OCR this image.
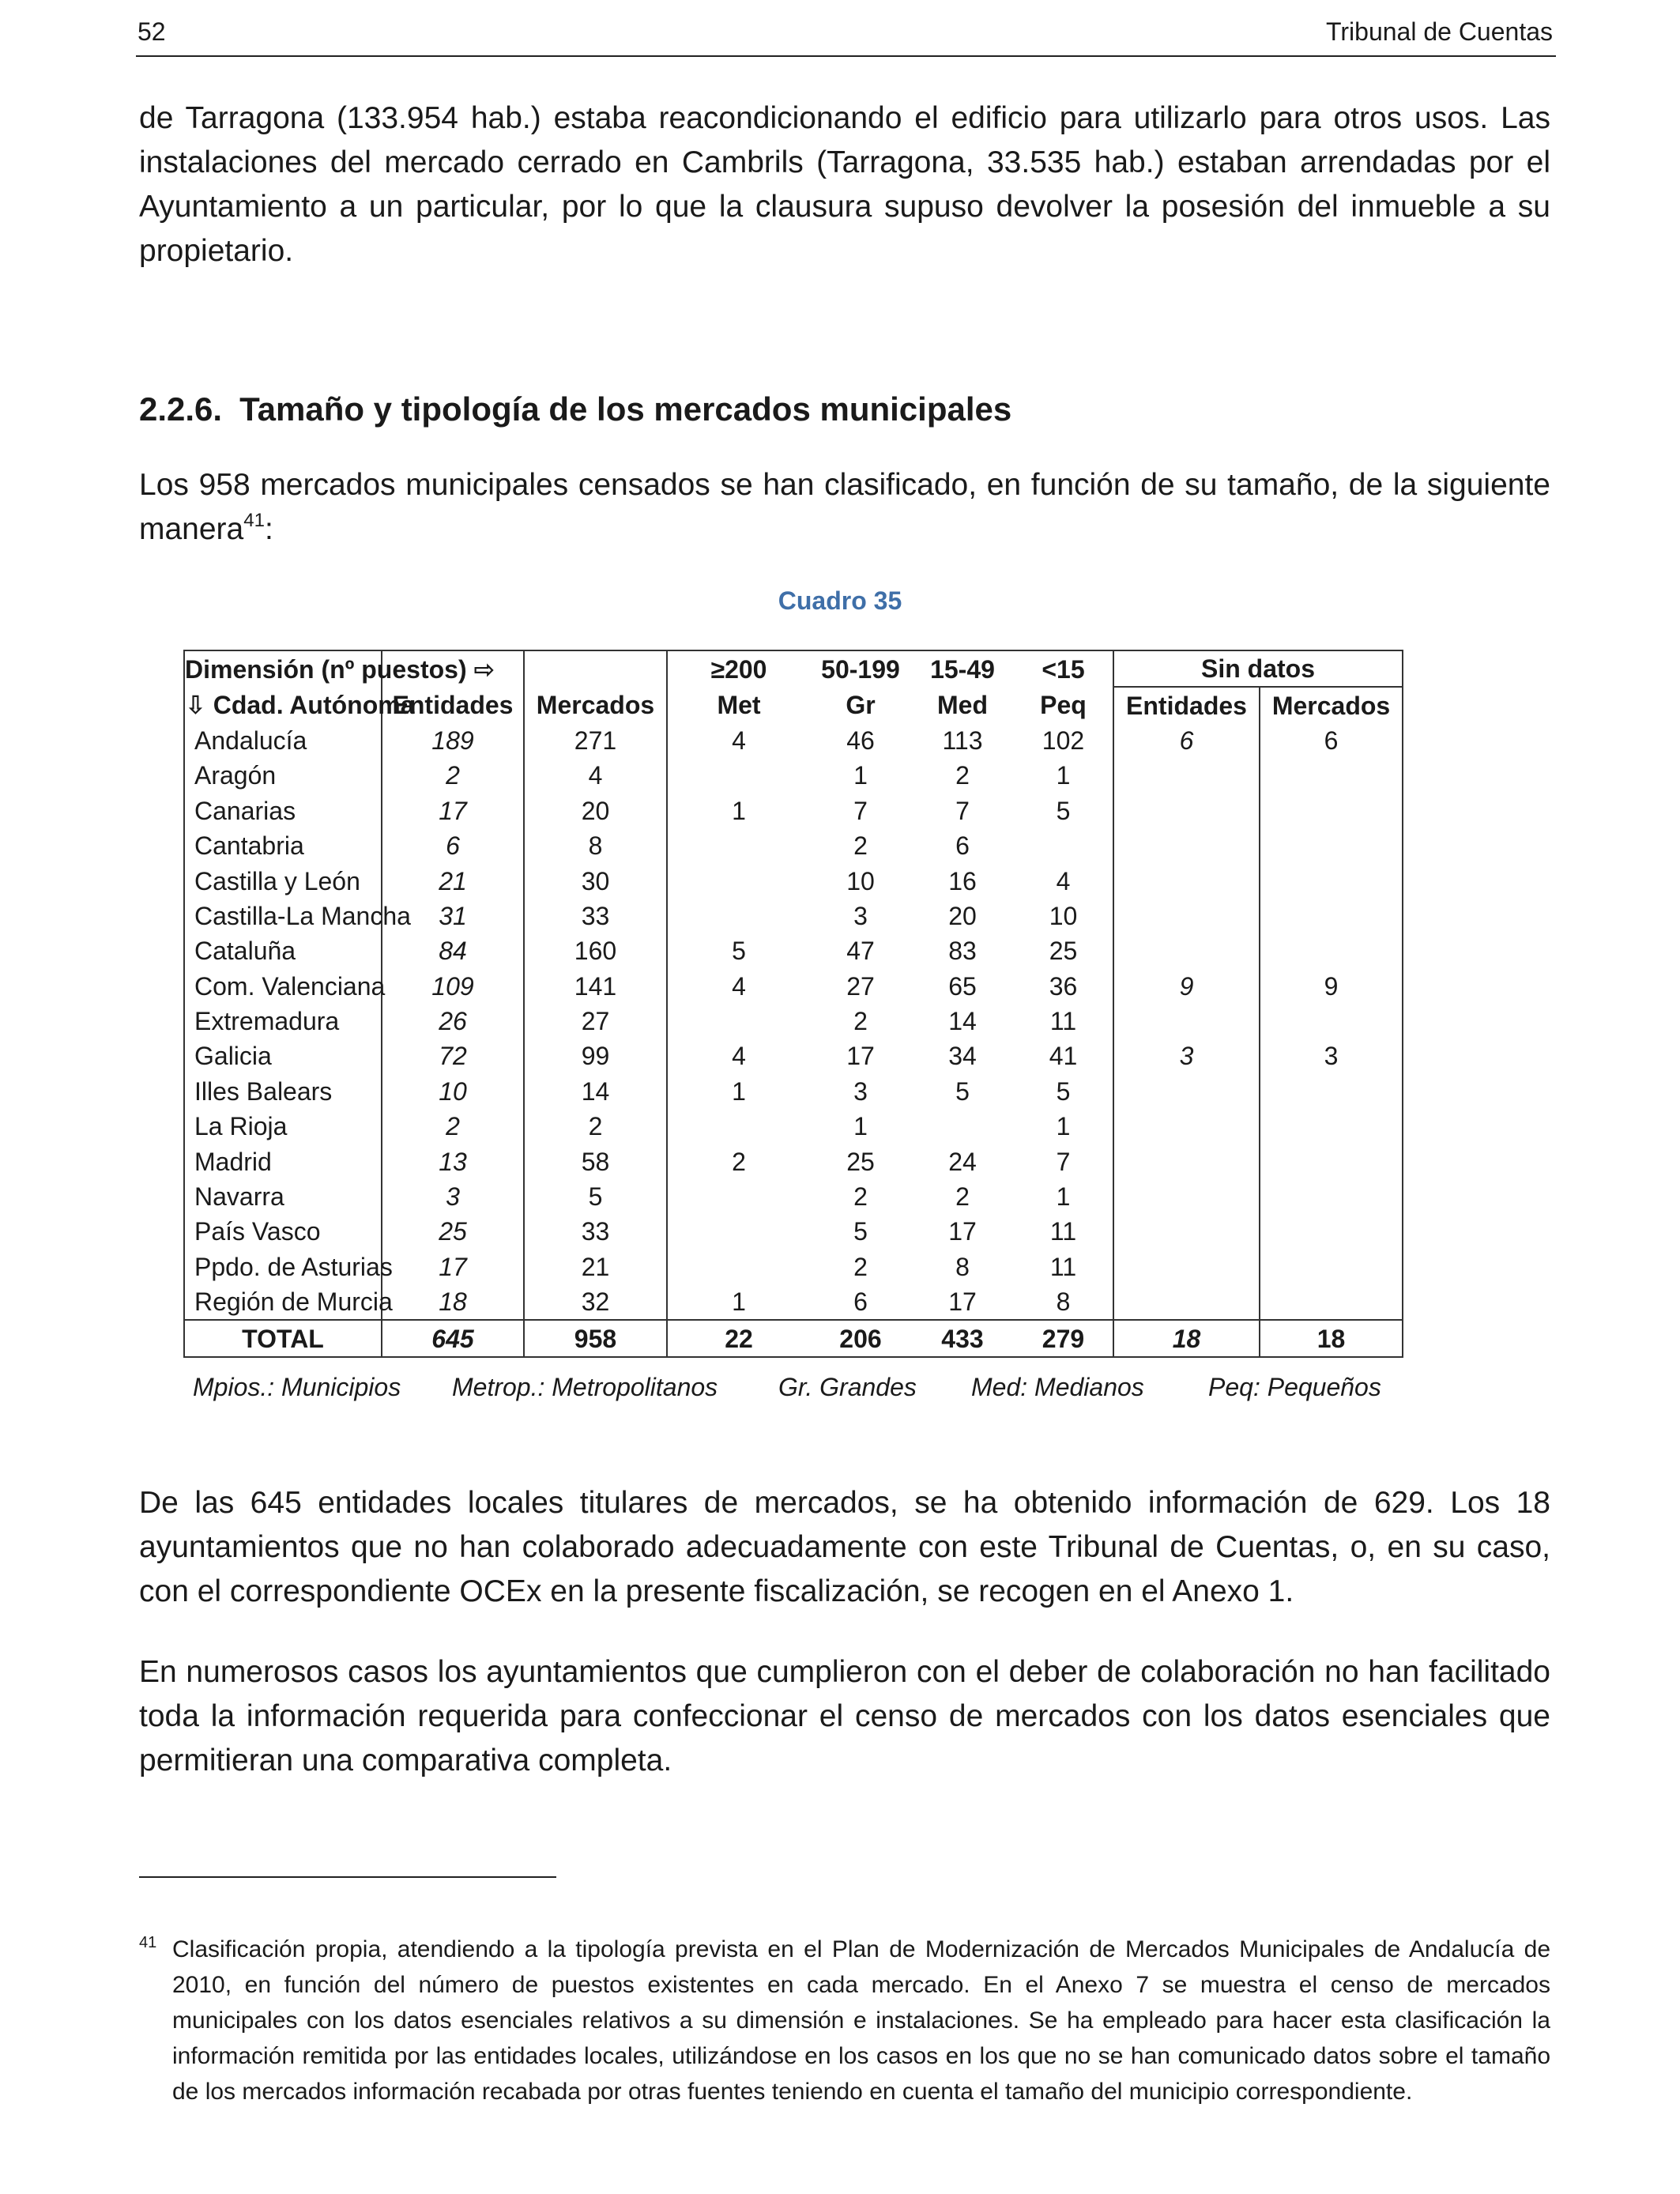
52	Tribunal de Cuentas

de Tarragona (133.954 hab.) estaba reacondicionando el edificio para utilizarlo para otros usos. Las instalaciones del mercado cerrado en Cambrils (Tarragona, 33.535 hab.) estaban arrendadas por el Ayuntamiento a un particular, por lo que la clausura supuso devolver la posesión del inmueble a su propietario.

2.2.6. Tamaño y tipología de los mercados municipales

Los 958 mercados municipales censados se han clasificado, en función de su tamaño, de la siguiente manera$^{41}$:

Cuadro 35
Dimensión (nº puestos) ⇨			≥200	50-199	15-49	<15	Sin datos	
⇩ Cdad. Autónoma	Entidades	Mercados	Met	Gr	Med	Peq	Entidades	Mercados
Andalucía	189	271	4	46	113	102	6	6
Aragón	2	4		1	2	1		
Canarias	17	20	1	7	7	5		
Cantabria	6	8		2	6			
Castilla y León	21	30		10	16	4		
Castilla-La Mancha	31	33		3	20	10		
Cataluña	84	160	5	47	83	25		
Com. Valenciana	109	141	4	27	65	36	9	9
Extremadura	26	27		2	14	11		
Galicia	72	99	4	17	34	41	3	3
Illes Balears	10	14	1	3	5	5		
La Rioja	2	2		1		1		
Madrid	13	58	2	25	24	7		
Navarra	3	5		2	2	1		
País Vasco	25	33		5	17	11		
Ppdo. de Asturias	17	21		2	8	11		
Región de Murcia	18	32	1	6	17	8		
TOTAL	645	958	22	206	433	279	18	18
Mpios.: Municipios Metrop.: Metropolitanos Gr. Grandes Med: Medianos	Peq: Pequeños

De las 645 entidades locales titulares de mercados, se ha obtenido información de 629. Los 18 ayuntamientos que no han colaborado adecuadamente con este Tribunal de Cuentas, o, en su caso, con el correspondiente OCEx en la presente fiscalización, se recogen en el Anexo 1.

En numerosos casos los ayuntamientos que cumplieron con el deber de colaboración no han facilitado toda la información requerida para confeccionar el censo de mercados con los datos esenciales que permitieran una comparativa completa.

41 Clasificación propia, atendiendo a la tipología prevista en el Plan de Modernización de Mercados Municipales de Andalucía de 2010, en función del número de puestos existentes en cada mercado. En el Anexo 7 se muestra el censo de mercados municipales con los datos esenciales relativos a su dimensión e instalaciones. Se ha empleado para hacer esta clasificación la información remitida por las entidades locales, utilizándose en los casos en los que no se han comunicado datos sobre el tamaño de los mercados información recabada por otras fuentes teniendo en cuenta el tamaño del municipio correspondiente.
